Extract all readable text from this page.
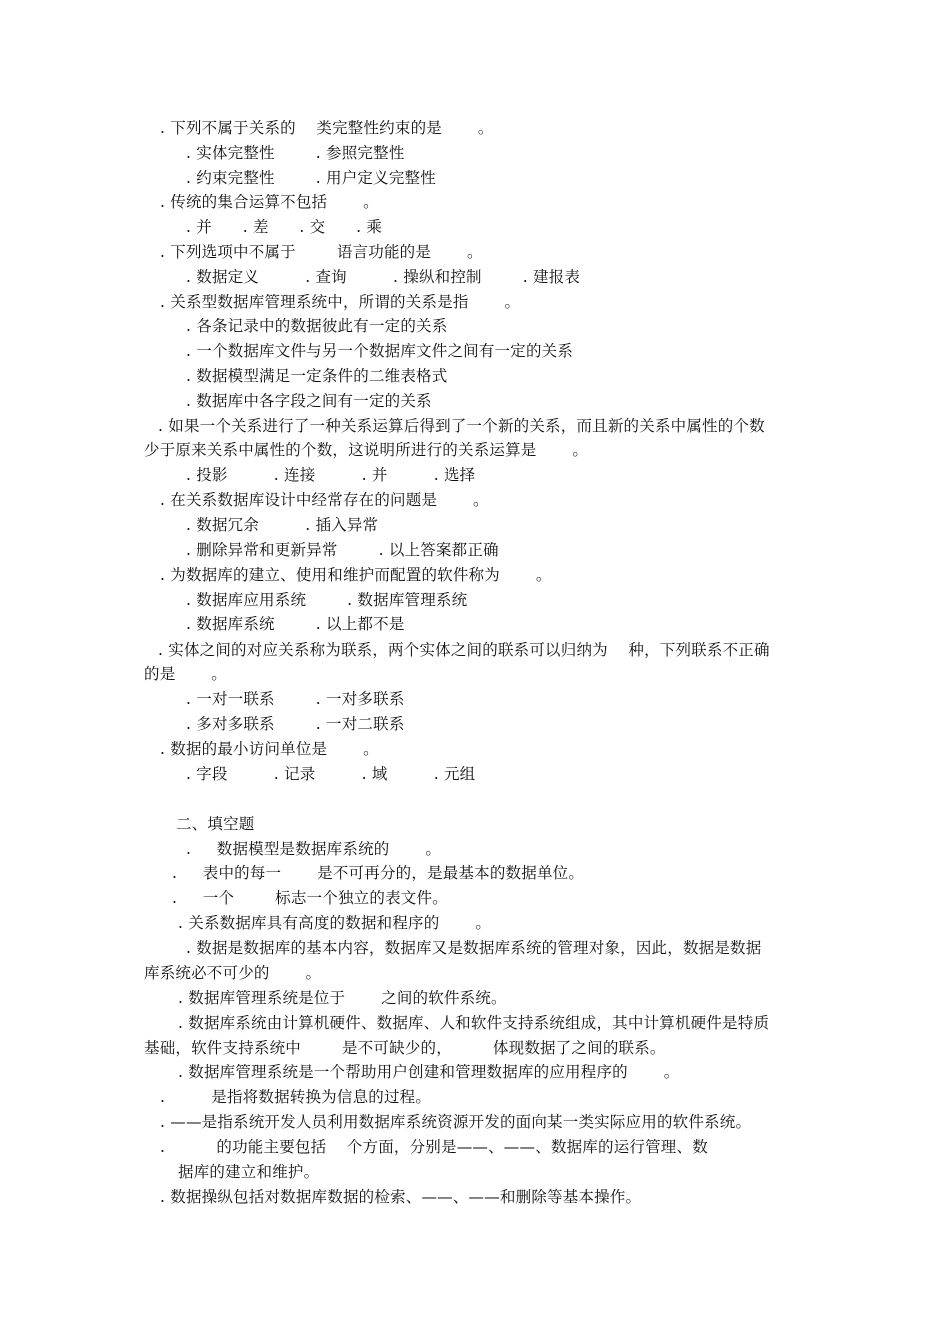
. 下列不属于关系的    类完整性约束的是       。
. 实体完整性        . 参照完整性
. 约束完整性        . 用户定义完整性
. 传统的集合运算不包括       。
. 并      . 差      . 交      . 乘
. 下列选项中不属于        语言功能的是       。
. 数据定义         . 查询         . 操纵和控制        . 建报表
. 关系型数据库管理系统中，所谓的关系是指       。
. 各条记录中的数据彼此有一定的关系
. 一个数据库文件与另一个数据库文件之间有一定的关系
. 数据模型满足一定条件的二维表格式
. 数据库中各字段之间有一定的关系
. 如果一个关系进行了一种关系运算后得到了一个新的关系，而且新的关系中属性的个数
少于原来关系中属性的个数，这说明所进行的关系运算是       。
. 投影         . 连接         . 并         . 选择
. 在关系数据库设计中经常存在的问题是       。
. 数据冗余         . 插入异常
. 删除异常和更新异常        . 以上答案都正确
. 为数据库的建立、使用和维护而配置的软件称为       。
. 数据库应用系统        . 数据库管理系统
. 数据库系统        . 以上都不是
. 实体之间的对应关系称为联系，两个实体之间的联系可以归纳为    种，下列联系不正确
的是       。
. 一对一联系        . 一对多联系
. 多对多联系        . 一对二联系
. 数据的最小访问单位是       。
. 字段         . 记录         . 域         . 元组
二、填空题
.     数据模型是数据库系统的       。
.     表中的每一       是不可再分的，是最基本的数据单位。
.     一个        标志一个独立的表文件。
. 关系数据库具有高度的数据和程序的       。
. 数据是数据库的基本内容，数据库又是数据库系统的管理对象，因此，数据是数据
库系统必不可少的       。
. 数据库管理系统是位于       之间的软件系统。
. 数据库系统由计算机硬件、数据库、人和软件支持系统组成，其中计算机硬件是特质
基础，软件支持系统中        是不可缺少的，        体现数据了之间的联系。
. 数据库管理系统是一个帮助用户创建和管理数据库的应用程序的       。
.         是指将数据转换为信息的过程。
. ——是指系统开发人员利用数据库系统资源开发的面向某一类实际应用的软件系统。
.          的功能主要包括    个方面，分别是——、——、数据库的运行管理、数
据库的建立和维护。
. 数据操纵包括对数据库数据的检索、——、——和删除等基本操作。
